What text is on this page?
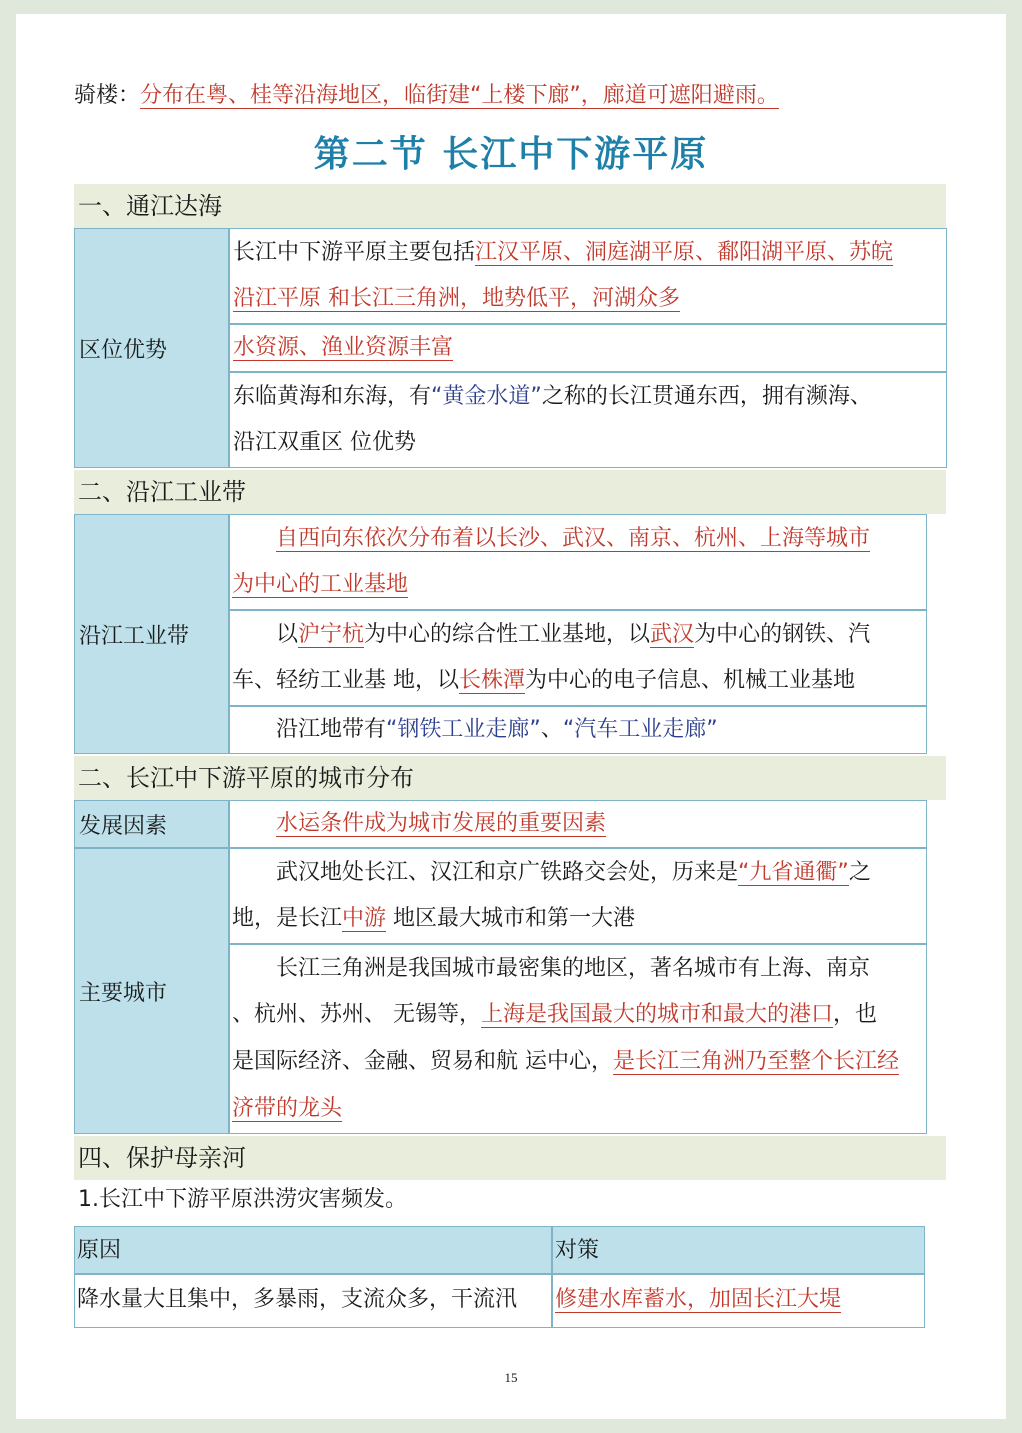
骑楼：分布在粤、桂等沿海地区，临街建“上楼下廊”，廊道可遮阳避雨。
第二节 长江中下游平原
一、通江达海
区位优势
长江中下游平原主要包括江汉平原、洞庭湖平原、鄱阳湖平原、苏皖
沿江平原 和长江三角洲，地势低平，河湖众多
水资源、渔业资源丰富
东临黄海和东海，有“黄金水道”之称的长江贯通东西，拥有濒海、
沿江双重区 位优势
二、沿江工业带
沿江工业带
自西向东依次分布着以长沙、武汉、南京、杭州、上海等城市
为中心的工业基地
以沪宁杭为中心的综合性工业基地，以武汉为中心的钢铁、汽
车、轻纺工业基 地，以长株潭为中心的电子信息、机械工业基地
沿江地带有“钢铁工业走廊”、“汽车工业走廊”
二、长江中下游平原的城市分布
发展因素	水运条件成为城市发展的重要因素
主要城市
武汉地处长江、汉江和京广铁路交会处，历来是“九省通衢”之
地，是长江中游 地区最大城市和第一大港
长江三角洲是我国城市最密集的地区，著名城市有上海、南京
、杭州、苏州、 无锡等，上海是我国最大的城市和最大的港口，也
是国际经济、金融、贸易和航 运中心，是长江三角洲乃至整个长江经
济带的龙头
四、保护母亲河
1.长江中下游平原洪涝灾害频发。
原因	对策
降水量大且集中，多暴雨，支流众多，干流汛 修建水库蓄水，加固长江大堤
15
